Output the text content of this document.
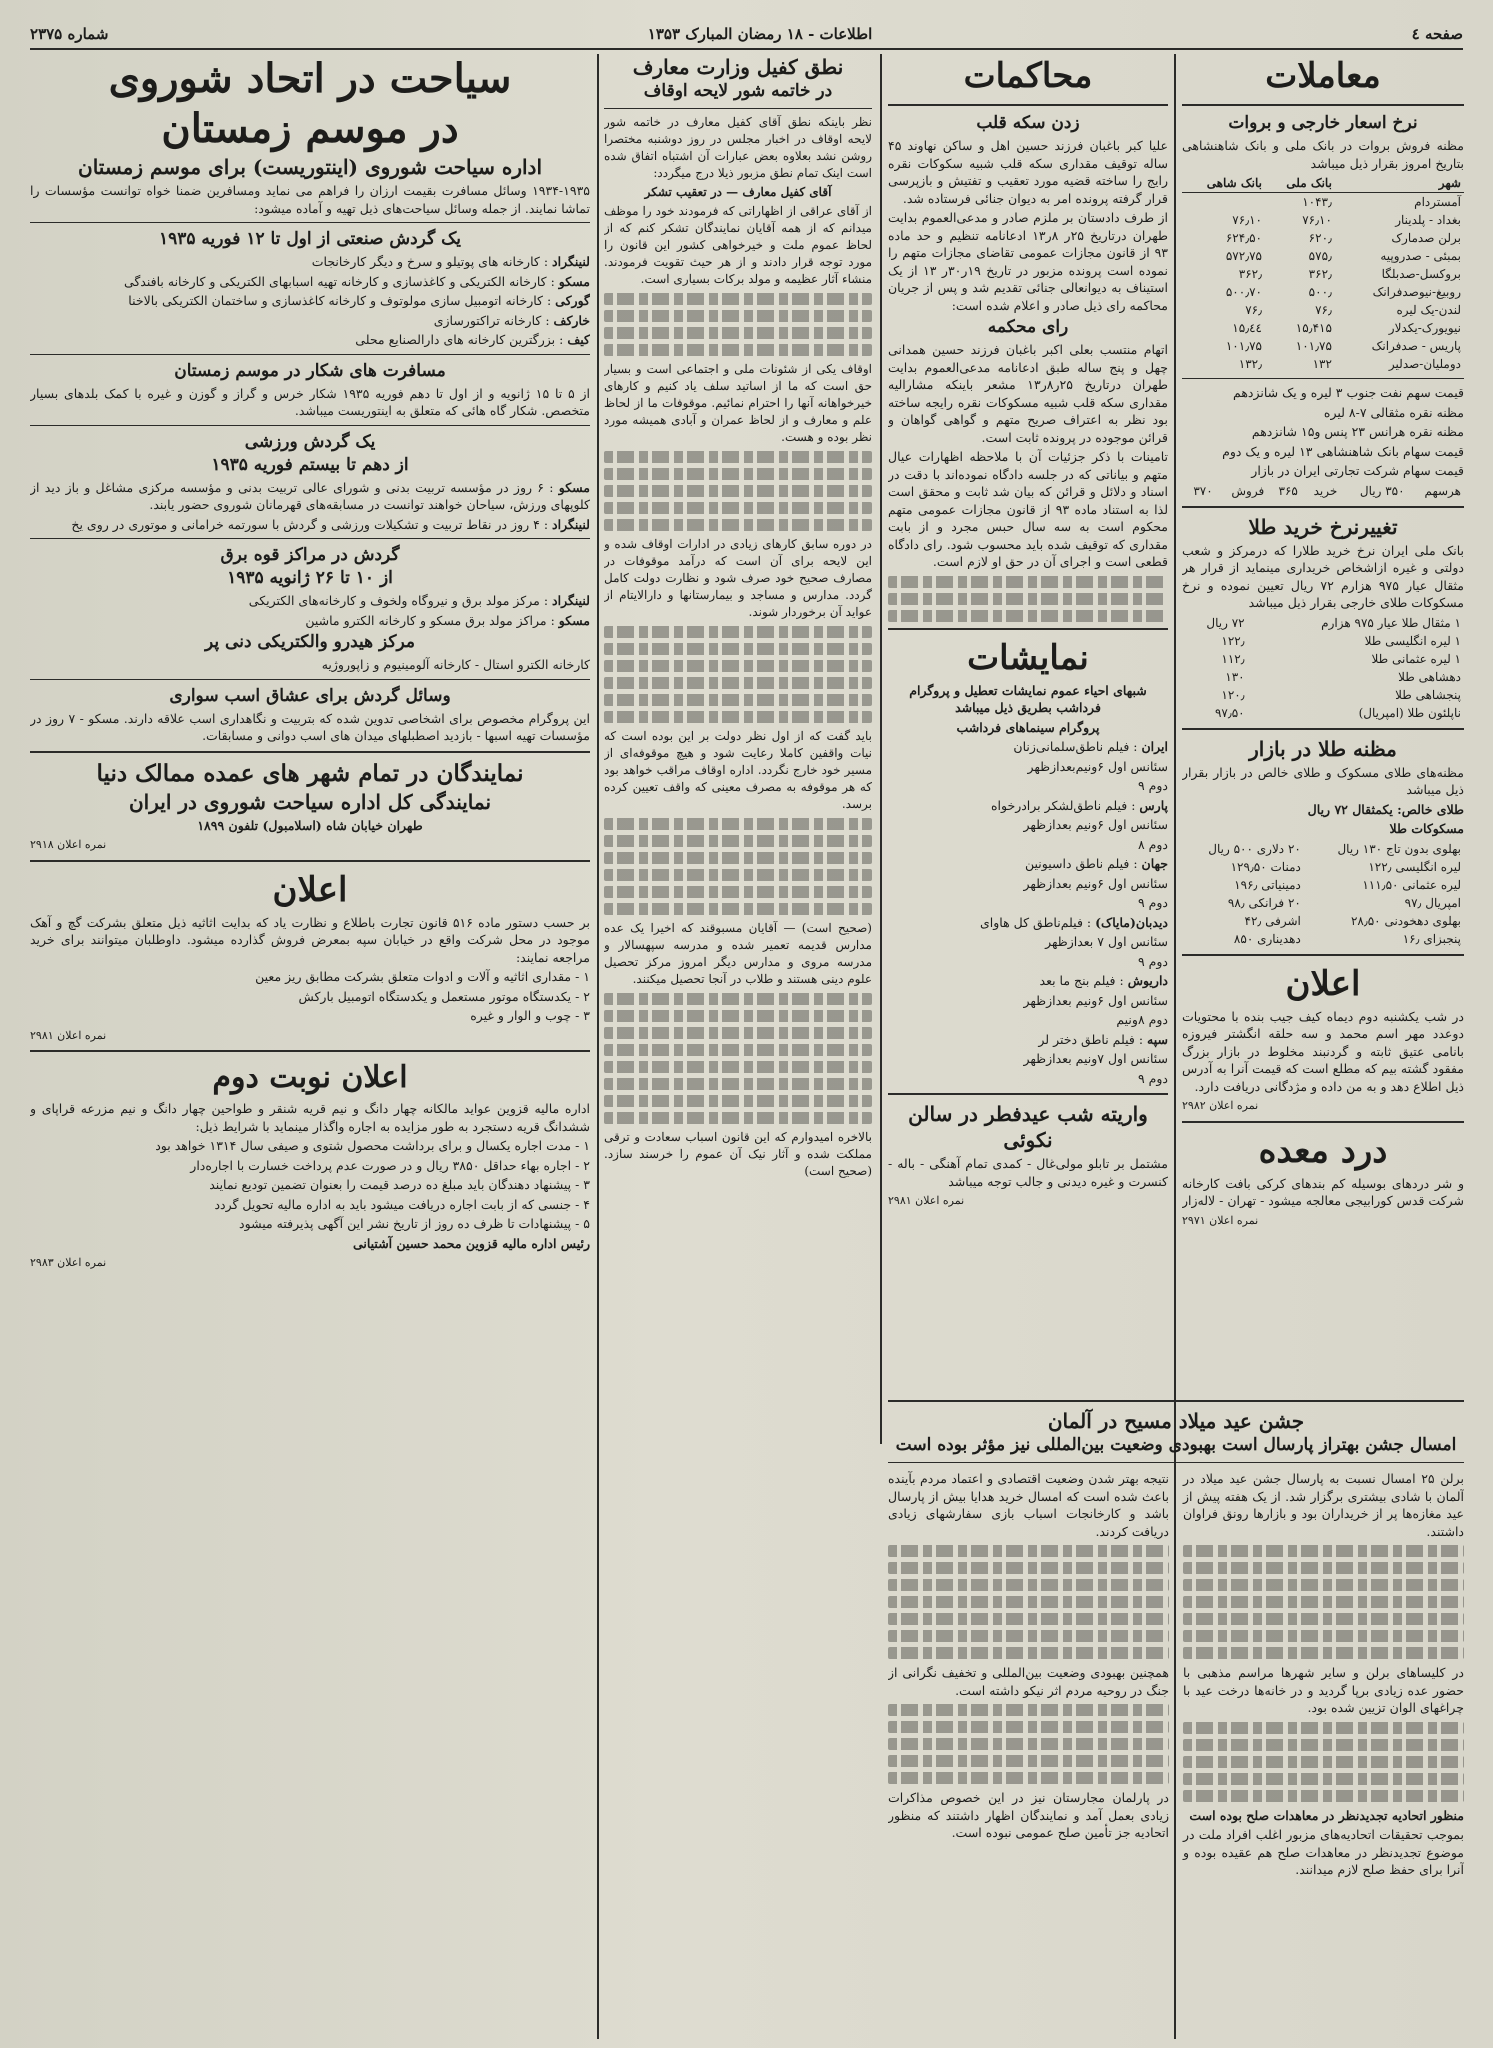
صفحه ٤
اطلاعات - ۱۸ رمضان المبارک ۱۳۵۳
شماره ۲۳۷۵
معاملات
نرخ اسعار خارجی و بروات

مظنه فروش بروات در بانک ملی و بانک شاهنشاهی بتاریخ امروز بقرار ذیل میباشد

شهر	بانک ملی	بانک شاهی
آمستردام	۱۰۴۳٫	
بغداد - پلدینار	۷۶٫۱۰	۷۶٫۱۰
برلن صدمارک	۶۲۰٫	۶۲۴٫۵۰
بمبئی - صدروپیه	۵۷۵٫	۵۷۲٫۷۵
بروکسل-صدبلگا	۳۶۲٫	۳۶۲٫
روبیغ-نیوصدفرانک	۵۰۰٫	۵۰۰٫۷۰
لندن-یک لیره	۷۶٫	۷۶٫
نیویورک-یکدلار	۱۵٫۴۱۵	۱۵٫٤٤
پاریس - صدفرانک	۱۰۱٫۷۵	۱۰۱٫۷۵
دوملیان-صدلیر	۱۳۲	۱۳۲٫

قیمت سهم نفت جنوب ۳ لیره و یک شانزدهم

مظنه نقره مثقالی ۷-۸ لیره

مظنه نقره هرانس ۲۳ پنس و۱۵ شانزدهم

قیمت سهام بانک شاهنشاهی ۱۳ لیره و یک دوم

قیمت سهام شرکت تجارتی ایران در بازار

هرسهم	۳۵۰ ریال	خرید	۳۶۵	فروش	۳۷۰
تغییرنرخ خرید طلا

بانک ملی ایران نرخ خرید طلارا که درمرکز و شعب دولتی و غیره ازاشخاص خریداری مینماید از قرار هر مثقال عیار ۹۷۵ هزارم ۷۲ ریال تعیین نموده و نرخ مسکوکات طلای خارجی بقرار ذیل میباشد

۱ مثقال طلا عیار ۹۷۵ هزارم	۷۲ ریال
۱ لیره انگلیسی طلا	۱۲۲٫
۱ لیره عثمانی طلا	۱۱۲٫
دهشاهی طلا	۱۳۰
پنجشاهی طلا	۱۲۰٫
ناپلئون طلا (امپریال)	۹۷٫۵۰
مظنه طلا در بازار

مظنه‌های طلای مسکوک و طلای خالص در بازار بقرار ذیل میباشد

طلای خالص: یکمثقال ۷۲ ریال

مسکوکات طلا

بهلوی بدون تاج ۱۳۰ ریال	۲۰ دلاری ۵۰۰ ریال
لیره انگلیسی ۱۲۲٫	دمنات ۱۲۹٫۵۰
لیره عثمانی ۱۱۱٫۵۰	دمینیاتی ۱۹۶٫
امپریال ۹۷٫	۲۰ فرانکی ۹۸٫
بهلوی دهخودنی ۲۸٫۵۰	اشرفی ۴۲٫
پنجبزای ۱۶٫	دهدیناری ۸۵۰
اعلان

در شب یکشنبه دوم دیماه کیف جیب بنده با محتویات دوعدد مهر اسم محمد و سه حلقه انگشتر فیروزه بانامی عتیق ثابته و گردنبند مخلوط در بازار بزرگ مفقود گشته بیم که مطلع است که قیمت آنرا به آدرس ذیل اطلاع دهد و به من داده و مژدگانی دریافت دارد.

نمره اعلان ۲۹۸۲

درد معده

و شر دردهای بوسیله کم بندهای کرکی بافت کارخانه شرکت قدس کورابیجی معالجه میشود - تهران - لاله‌زار

نمره اعلان ۲۹۷۱

محاکمات
زدن سکه قلب

علیا کبر باغبان فرزند حسین اهل و ساکن نهاوند ۴۵ ساله توقیف مقداری سکه قلب شبیه سکوکات نقره رایج را ساخته قضیه مورد تعقیب و تفتیش و بازپرسی قرار گرفته پرونده امر به دیوان جنائی فرستاده شد.

از طرف دادستان بر ملزم صادر و مدعی‌العموم بدایت طهران درتاریخ ۲۵ر ۸ر۱۳ ادعانامه تنظیم و حد ماده ۹۳ از قانون مجازات عمومی تقاضای مجازات متهم را نموده است پرونده مزبور در تاریخ ۱۹ر۳۰ر ۱۳ از یک استیناف به دیوانعالی جنائی تقدیم شد و پس از جریان محاکمه رای ذیل صادر و اعلام شده است:

رای محکمه

اتهام منتسب بعلی اکبر باغبان فرزند حسین همدانی چهل و پنج ساله طبق ادعانامه مدعی‌العموم بدایت طهران درتاریخ ۲۵ر۸ر۱۳ مشعر باینکه مشارالیه مقداری سکه قلب شبیه مسکوکات نقره رایجه ساخته بود نظر به اعتراف صریح متهم و گواهی گواهان و قرائن موجوده در پرونده ثابت است.

تامینات با ذکر جزئیات آن با ملاحظه اظهارات عیال متهم و بیاناتی که در جلسه دادگاه نموده‌اند با دقت در اسناد و دلائل و قرائن که بیان شد ثابت و محقق است لذا به استناد ماده ۹۳ از قانون مجازات عمومی متهم محکوم است به سه سال حبس مجرد و از بابت مقداری که توقیف شده باید محسوب شود. رای دادگاه قطعی است و اجرای آن در حق او لازم است.

نمایشات

شبهای احیاء عموم نمایشات تعطیل و پروگرام فرداشب بطریق ذیل میباشد

پروگرام سینماهای فرداشب

ایران : فیلم ناطق‌سلمانی‌زنان

سئانس اول ۶ونیم‌بعدازظهر

دوم ۹

پارس : فیلم ناطق‌لشکر برادرخواه

سئانس اول ۶ونیم بعدازظهر

دوم ۸

جهان : فیلم ناطق داسیونین

سئانس اول ۶ونیم بعدازظهر

دوم ۹

دیدبان(مایاک) : فیلم‌ناطق کل هاوای

سئانس اول ۷ بعدازظهر

دوم ۹

داریوش : فیلم بنج ما بعد

سئانس اول ۶ونیم بعدازظهر

دوم ۸ونیم

سپه : فیلم ناطق دختر لر

سئانس اول ۷ونیم بعدازظهر

دوم ۹

واریته شب عیدفطر در سالن نکوئی

مشتمل بر تابلو مولی‌غال - کمدی تمام آهنگی - باله - کنسرت و غیره دیدنی و جالب توجه میباشد

نمره اعلان ۲۹۸۱

نطق کفیل وزارت معارف
در خاتمه شور لایحه اوقاف

نظر باینکه نطق آقای کفیل معارف در خاتمه شور لایحه اوقاف در اخبار مجلس در روز دوشنبه مختصرا روشن نشد بعلاوه بعض عبارات آن اشتباه اتفاق شده است اینک تمام نطق مزبور ذیلا درج میگردد:

آقای کفیل معارف — در تعقیب تشکر

از آقای عراقی از اظهاراتی که فرمودند خود را موظف میدانم که از همه آقایان نمایندگان تشکر کنم که از لحاظ عموم ملت و خیرخواهی کشور این قانون را مورد توجه قرار دادند و از هر حیث تقویت فرمودند. منشاء آثار عظیمه و مولد برکات بسیاری است.

اوقاف یکی از شئونات ملی و اجتماعی است و بسیار حق است که ما از اساتید سلف یاد کنیم و کارهای خیرخواهانه آنها را احترام نمائیم. موقوفات ما از لحاظ علم و معارف و از لحاظ عمران و آبادی همیشه مورد نظر بوده و هست.

در دوره سابق کارهای زیادی در ادارات اوقاف شده و این لایحه برای آن است که درآمد موقوفات در مصارف صحیح خود صرف شود و نظارت دولت کامل گردد. مدارس و مساجد و بیمارستانها و دارالایتام از عواید آن برخوردار شوند.

باید گفت که از اول نظر دولت بر این بوده است که نیات واقفین کاملا رعایت شود و هیچ موقوفه‌ای از مسیر خود خارج نگردد. اداره اوقاف مراقب خواهد بود که هر موقوفه به مصرف معینی که واقف تعیین کرده برسد.

(صحیح است) — آقایان مسبوقند که اخیرا یک عده مدارس قدیمه تعمیر شده و مدرسه سپهسالار و مدرسه مروی و مدارس دیگر امروز مرکز تحصیل علوم دینی هستند و طلاب در آنجا تحصیل میکنند.

بالاخره امیدوارم که این قانون اسباب سعادت و ترقی مملکت شده و آثار نیک آن عموم را خرسند سازد. (صحیح است)

سیاحت در اتحاد شوروی
در موسم زمستان
اداره سیاحت شوروی (اینتوریست) برای موسم زمستان

۱۹۳۴-۱۹۳۵ وسائل مسافرت بقیمت ارزان را فراهم می نماید ومسافرین ضمنا خواه توانست مؤسسات را تماشا نمایند. از جمله وسائل سیاحت‌های ذیل تهیه و آماده میشود:

یک گردش صنعتی از اول تا ۱۲ فوریه ۱۹۳۵

لنینگراد : کارخانه های پوتیلو و سرخ و دیگر کارخانجات

مسکو : کارخانه الکتریکی و کاغذسازی و کارخانه تهیه اسبابهای الکتریکی و کارخانه بافندگی

گورکی : کارخانه اتومبیل سازی مولوتوف و کارخانه کاغذسازی و ساختمان الکتریکی بالاخنا

خارکف : کارخانه تراکتورسازی

کیف : بزرگترین کارخانه های دارالصنایع محلی

مسافرت های شکار در موسم زمستان

از ۵ تا ۱۵ ژانویه و از اول تا دهم فوریه ۱۹۳۵ شکار خرس و گراز و گوزن و غیره با کمک بلدهای بسیار متخصص. شکار گاه هائی که متعلق به اینتوریست میباشد.

یک گردش ورزشی
از دهم تا بیستم فوریه ۱۹۳۵

مسکو : ۶ روز در مؤسسه تربیت بدنی و شورای عالی تربیت بدنی و مؤسسه مرکزی مشاغل و باز دید از کلوپهای ورزش، سیاحان خواهند توانست در مسابقه‌های قهرمانان شوروی حضور یابند.

لنینگراد : ۴ روز در نقاط تربیت و تشکیلات ورزشی و گردش با سورتمه خرامانی و موتوری در روی یخ

گردش در مراکز قوه برق
از ۱۰ تا ۲۶ ژانویه ۱۹۳۵

لنینگراد : مرکز مولد برق و نیروگاه ولخوف و کارخانه‌های الکتریکی

مسکو : مراکز مولد برق مسکو و کارخانه الکترو ماشین

مرکز هیدرو والکتریکی دنی پر

کارخانه الکترو استال - کارخانه آلومینیوم و زاپوروژیه

وسائل گردش برای عشاق اسب سواری

این پروگرام مخصوص برای اشخاصی تدوین شده که بتربیت و نگاهداری اسب علاقه دارند. مسکو - ۷ روز در مؤسسات تهیه اسبها - بازدید اصطبلهای میدان های اسب دوانی و مسابقات.

نمایندگان در تمام شهر های عمده ممالک دنیا
نمایندگی کل اداره سیاحت شوروی در ایران

طهران خیابان شاه (اسلامبول) تلفون ۱۸۹۹

نمره اعلان ۲۹۱۸

اعلان

بر حسب دستور ماده ۵۱۶ قانون تجارت باطلاع و نظارت یاد که بدایت اثاثیه ذیل متعلق بشرکت گچ و آهک موجود در محل شرکت واقع در خیابان سپه بمعرض فروش گذارده میشود. داوطلبان میتوانند برای خرید مراجعه نمایند:

۱ - مقداری اثاثیه و آلات و ادوات متعلق بشرکت مطابق ریز معین

۲ - یکدستگاه موتور مستعمل و یکدستگاه اتومبیل بارکش

۳ - چوب و الوار و غیره

نمره اعلان ۲۹۸۱

اعلان نوبت دوم

اداره مالیه قزوین عواید مالکانه چهار دانگ و نیم قریه شنقر و طواحین چهار دانگ و نیم مزرعه قراپای و ششدانگ قریه دستجرد به طور مزایده به اجاره واگذار مینماید با شرایط ذیل:

۱ - مدت اجاره یکسال و برای برداشت محصول شتوی و صیفی سال ۱۳۱۴ خواهد بود

۲ - اجاره بهاء حداقل ۳۸۵۰ ریال و در صورت عدم پرداخت خسارت با اجاره‌دار

۳ - پیشنهاد دهندگان باید مبلغ ده درصد قیمت را بعنوان تضمین تودیع نمایند

۴ - جنسی که از بابت اجاره دریافت میشود باید به اداره مالیه تحویل گردد

۵ - پیشنهادات تا ظرف ده روز از تاریخ نشر این آگهی پذیرفته میشود

رئیس اداره مالیه قزوین محمد حسین آشتیانی

نمره اعلان ۲۹۸۳

جشن عید میلاد مسیح در آلمان
امسال جشن بهتراز پارسال است بهبودی وضعیت بین‌المللی نیز مؤثر بوده است

برلن ۲۵ امسال نسبت به پارسال جشن عید میلاد در آلمان با شادی بیشتری برگزار شد. از یک هفته پیش از عید مغازه‌ها پر از خریداران بود و بازارها رونق فراوان داشتند.

در کلیساهای برلن و سایر شهرها مراسم مذهبی با حضور عده زیادی برپا گردید و در خانه‌ها درخت عید با چراغهای الوان تزیین شده بود.

منظور اتحادیه تجدیدنظر در معاهدات صلح بوده است

بموجب تحقیقات اتحادیه‌های مزبور اغلب افراد ملت در موضوع تجدیدنظر در معاهدات صلح هم عقیده بوده و آنرا برای حفظ صلح لازم میدانند.

نتیجه بهتر شدن وضعیت اقتصادی و اعتماد مردم بآینده باعث شده است که امسال خرید هدایا بیش از پارسال باشد و کارخانجات اسباب بازی سفارشهای زیادی دریافت کردند.

همچنین بهبودی وضعیت بین‌المللی و تخفیف نگرانی از جنگ در روحیه مردم اثر نیکو داشته است.

در پارلمان مجارستان نیز در این خصوص مذاکرات زیادی بعمل آمد و نمایندگان اظهار داشتند که منظور اتحادیه جز تأمین صلح عمومی نبوده است.
